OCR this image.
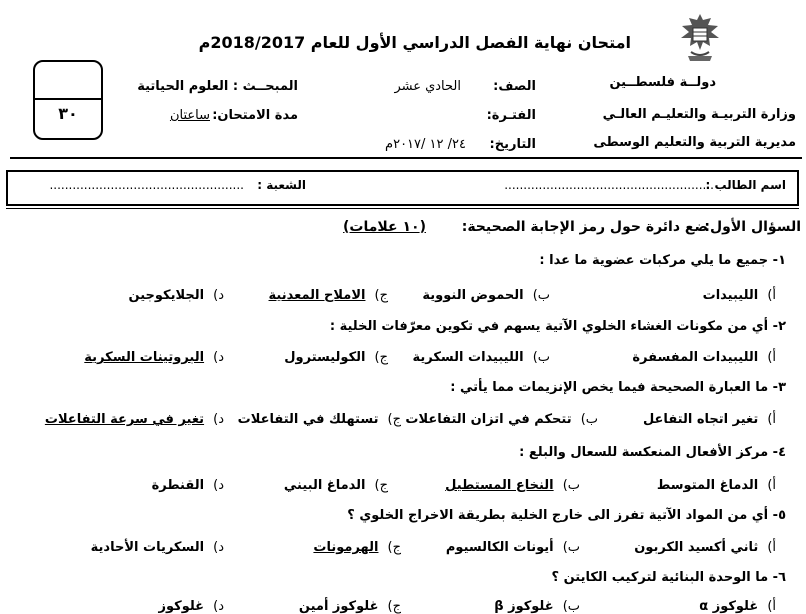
امتحان نهاية الفصل الدراسي الأول للعام 2018/2017م
دولــة فلسطــين
وزارة التربيـة والتعليـم العالـي
مديرية التربية والتعليم الوسطى
الصف:
الحادي عشر
الفتـرة:
التاريخ:
٢٤/ ١٢ /٢٠١٧م
المبحــث : العلوم الحياتية
مدة الامتحان:
ساعتان
٣٠
اسم الطالب :
.......................................................
الشعبة :
...................................................
السؤال الأول:
ضع دائرة حول رمز الإجابة الصحيحة:
(١٠ علامات)
١- جميع ما يلي مركبات عضوية ما عدا :
أ)  الليبيدات
ب)  الحموض النووية
ج)  الاملاح المعدنية
د)  الجلايكوجين
٢- أي من مكونات الغشاء الخلوي الآتية يسهم في تكوين معرّفات الخلية :
أ)  الليبيدات المفسفرة
ب)  الليبيدات السكرية
ج)  الكوليسترول
د)  البروتينات السكرية
٣- ما العبارة الصحيحة فيما يخص الإنزيمات مما يأتي :
أ)  تغير اتجاه التفاعل
ب)  تتحكم في اتزان التفاعلات
ج)  تستهلك في التفاعلات
د)  تغير في سرعة التفاعلات
٤- مركز الأفعال المنعكسة للسعال والبلع :
أ)  الدماغ المتوسط
ب)  النخاع المستطيل
ج)  الدماغ البيني
د)  القنطرة
٥- أي من المواد الآتية تفرز الى خارج الخلية بطريقة الاخراج الخلوي ؟
أ)  ثاني أكسيد الكربون
ب)  أيونات الكالسيوم
ج)  الهرمونات
د)  السكريات الأحادية
٦- ما الوحدة البنائية لتركيب الكايتن ؟
أ)  غلوكوز α
ب)  غلوكوز β
ج)  غلوكوز أمين
د)  غلوكوز
